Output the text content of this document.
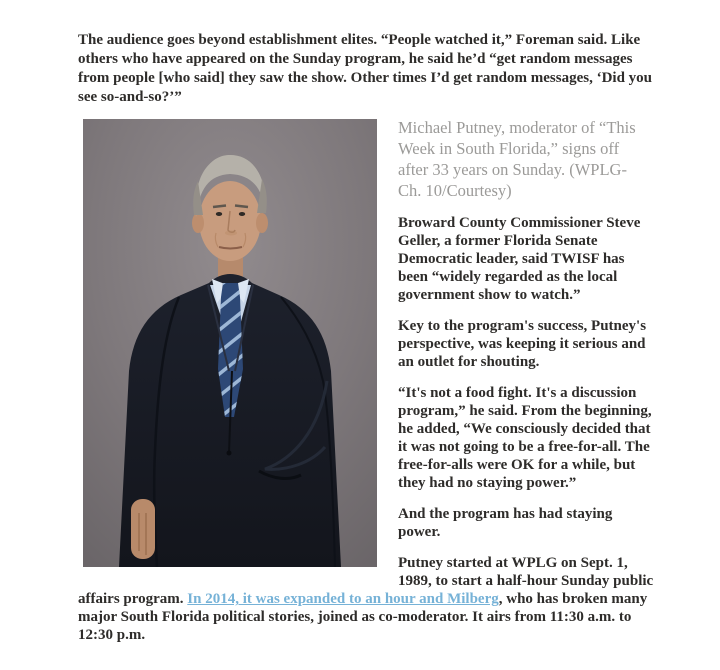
The audience goes beyond establishment elites. “People watched it,” Foreman said. Like others who have appeared on the Sunday program, he said he’d “get random messages from people [who said] they saw the show. Other times I’d get random messages, ‘Did you see so-and-so?’”

Michael Putney, moderator of “This Week in South Florida,” signs off after 33 years on Sunday. (WPLG-Ch. 10/Courtesy)

Broward County Commissioner Steve Geller, a former Florida Senate Democratic leader, said TWISF has been “widely regarded as the local government show to watch.”

Key to the program's success, Putney's perspective, was keeping it serious and an outlet for shouting.

“It's not a food fight. It's a discussion program,” he said. From the beginning, he added, “We consciously decided that it was not going to be a free-for-all. The free-for-alls were OK for a while, but they had no staying power.”

And the program has had staying power.

Putney started at WPLG on Sept. 1, 1989, to start a half-hour Sunday public affairs program. In 2014, it was expanded to an hour and Milberg, who has broken many major South Florida political stories, joined as co-moderator. It airs from 11:30 a.m. to 12:30 p.m.
